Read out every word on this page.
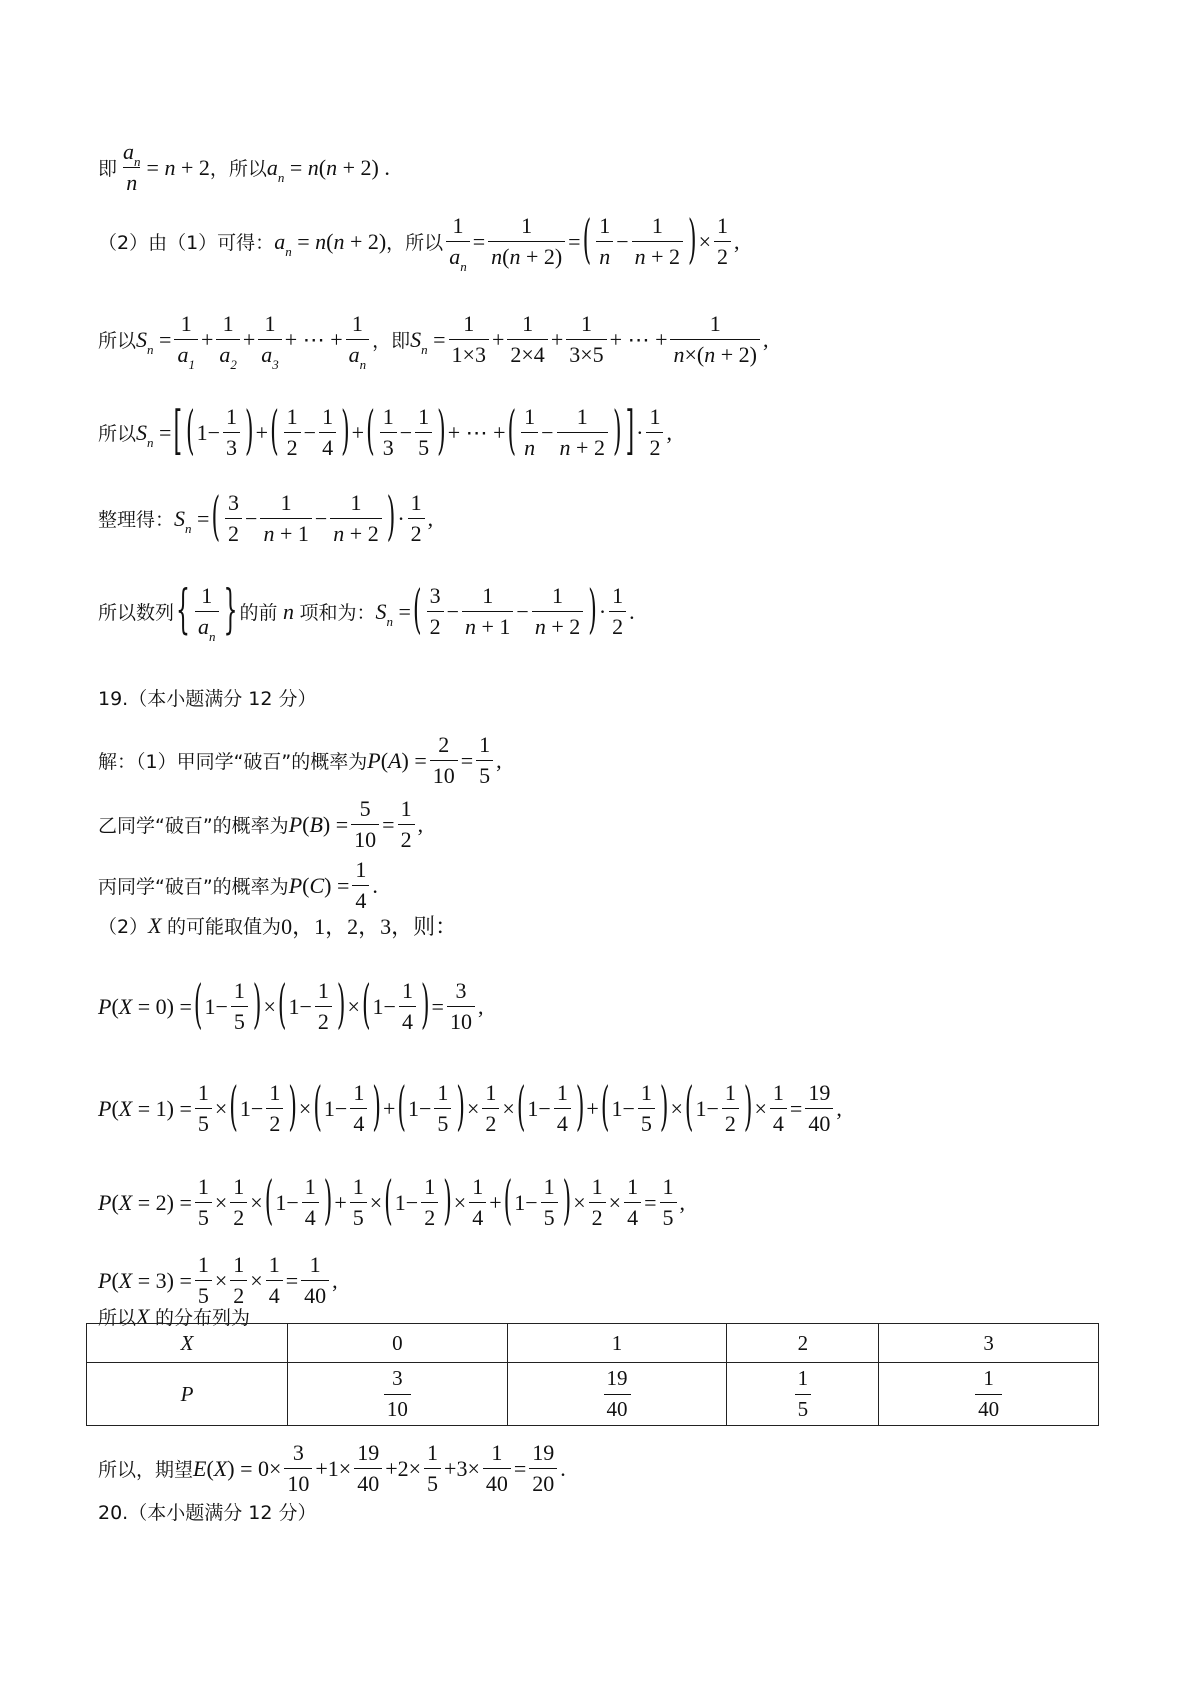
即 $\frac{a_n}{n} = n + 2$ ，所以 $a_n = n(n + 2)$ .
（2）由（1）可得： $a_n = n(n + 2)$ ，所以 $\frac{1}{a_n} = \frac{1}{n(n + 2)}$ = ( 1
n
−
1
n + 2 ) × $\frac{1}{2}$ ,
所以 $S_n = \frac{1}{a_1} + \frac{1}{a_2} + \frac{1}{a_3}$ + ⋯ + $\frac{1}{a_n}$ ，即 $S_n = \frac{1}{1\times 3} + \frac{1}{2\times 4} + \frac{1}{3\times 5}$ + ⋯ + $\frac{1}{n\times(n + 2)}$ ,
所以 $S_n$ = [ ( 1−
1
3 ) + ( 1
2
−
1
4 ) + ( 1
3
−
1
5 ) + ⋯ + ( 1
n
−
1
n + 2 ) ] ·
1
2
,
整理得： $S_n$ = ( 3
2
−
1
n + 1
−
1
n + 2 ) ·
1
2
,
所以数列 { 1
$a_n$ } 的前 n 项和为： $S_n$ = ( 3
2
−
1
n + 1
−
1
n + 2 ) ·
1
2
.
19.（本小题满分 12 分）
解：（1）甲同学“破百”的概率为 $P(A) = \frac{2}{10} = \frac{1}{5}$ ,
乙同学“破百”的概率为 $P(B) = \frac{5}{10} = \frac{1}{2}$ ,
丙同学“破百”的概率为 $P(C) = \frac{1}{4}$ .
（2） X 的可能取值为 0，1，2，3，则：
P(X = 0) = ( 1−
1
5 ) × ( 1−
1
2 ) × ( 1−
1
4 ) = $\frac{3}{10}$ ,
P(X = 1) =
1
5
× ( 1−
1
2 ) × ( 1−
1
4 ) + ( 1−
1
5 ) ×
1
2
× ( 1−
1
4 ) + ( 1−
1
5 ) × ( 1−
1
2 ) ×
1
4
= $\frac{19}{40}$ ,
P(X = 2) =
1
5
×
1
2
× ( 1−
1
4 ) +
1
5
× ( 1−
1
2 ) ×
1
4
+ ( 1−
1
5 ) ×
1
2
×
1
4
= $\frac{1}{5}$ ,
$P(X = 3) = \frac{1}{5} \times \frac{1}{2} \times \frac{1}{4} = \frac{1}{40}$ ,
所以 X 的分布列为
X	0	1	2	3
P	$\frac{3}{10}$	$\frac{19}{40}$	$\frac{1}{5}$	$\frac{1}{40}$
所以，期望 $E(X) = 0\times \frac{3}{10} +1\times \frac{19}{40} +2\times \frac{1}{5} +3\times \frac{1}{40} = \frac{19}{20}$ .
20.（本小题满分 12 分）
